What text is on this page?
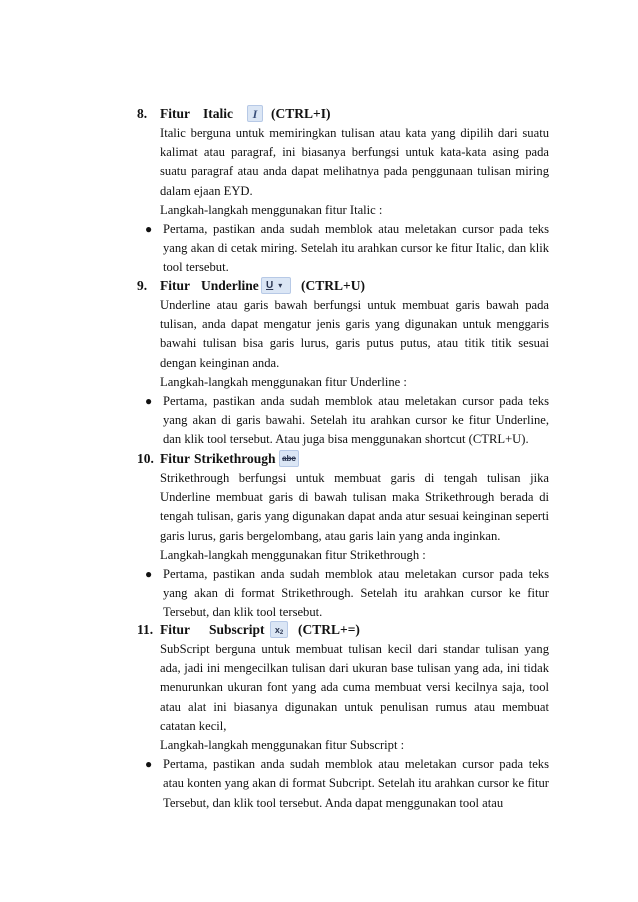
8. Fitur Italic I (CTRL+I)
Italic berguna untuk memiringkan tulisan atau kata yang dipilih dari suatu kalimat atau paragraf, ini biasanya berfungsi untuk kata-kata asing pada suatu paragraf atau anda dapat melihatnya pada penggunaan tulisan miring dalam ejaan EYD.
Langkah-langkah menggunakan fitur Italic :
● Pertama, pastikan anda sudah memblok atau meletakan cursor pada teks yang akan di cetak miring. Setelah itu arahkan cursor ke fitur Italic, dan klik tool tersebut.
9. Fitur Underline U ▾ (CTRL+U)
Underline atau garis bawah berfungsi untuk membuat garis bawah pada tulisan, anda dapat mengatur jenis garis yang digunakan untuk menggaris bawahi tulisan bisa garis lurus, garis putus putus, atau titik titik sesuai dengan keinginan anda.
Langkah-langkah menggunakan fitur Underline :
● Pertama, pastikan anda sudah memblok atau meletakan cursor pada teks yang akan di garis bawahi. Setelah itu arahkan cursor ke fitur Underline, dan klik tool tersebut. Atau juga bisa menggunakan shortcut (CTRL+U).
10. Fitur Strikethrough abc
Strikethrough berfungsi untuk membuat garis di tengah tulisan jika Underline membuat garis di bawah tulisan maka Strikethrough berada di tengah tulisan, garis yang digunakan dapat anda atur sesuai keinginan seperti garis lurus, garis bergelombang, atau garis lain yang anda inginkan.
Langkah-langkah menggunakan fitur Strikethrough :
● Pertama, pastikan anda sudah memblok atau meletakan cursor pada teks yang akan di format Strikethrough. Setelah itu arahkan cursor ke fitur Tersebut, dan klik tool tersebut.
11. Fitur Subscript x 2 (CTRL+=)
SubScript berguna untuk membuat tulisan kecil dari standar tulisan yang ada, jadi ini mengecilkan tulisan dari ukuran base tulisan yang ada, ini tidak menurunkan ukuran font yang ada cuma membuat versi kecilnya saja, tool atau alat ini biasanya digunakan untuk penulisan rumus atau membuat catatan kecil,
Langkah-langkah menggunakan fitur Subscript :
● Pertama, pastikan anda sudah memblok atau meletakan cursor pada teks atau konten yang akan di format Subcript. Setelah itu arahkan cursor ke fitur Tersebut, dan klik tool tersebut. Anda dapat menggunakan tool atau
